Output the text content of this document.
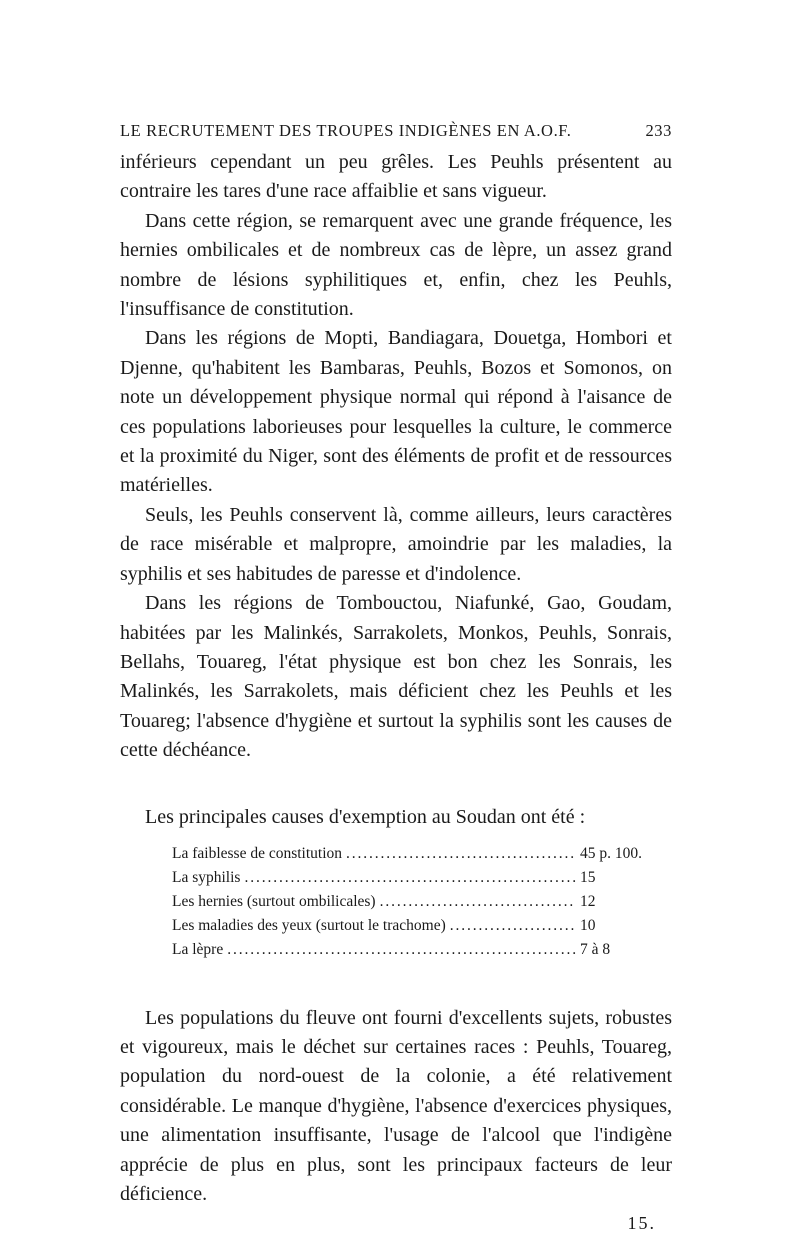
LE RECRUTEMENT DES TROUPES INDIGÈNES EN A.O.F.	233

inférieurs cependant un peu grêles. Les Peuhls présentent au contraire les tares d'une race affaiblie et sans vigueur.

Dans cette région, se remarquent avec une grande fréquence, les hernies ombilicales et de nombreux cas de lèpre, un assez grand nombre de lésions syphilitiques et, enfin, chez les Peuhls, l'insuffisance de constitution.

Dans les régions de Mopti, Bandiagara, Douetga, Hombori et Djenne, qu'habitent les Bambaras, Peuhls, Bozos et Somonos, on note un développement physique normal qui répond à l'aisance de ces populations laborieuses pour lesquelles la culture, le commerce et la proximité du Niger, sont des éléments de profit et de ressources matérielles.

Seuls, les Peuhls conservent là, comme ailleurs, leurs caractères de race misérable et malpropre, amoindrie par les maladies, la syphilis et ses habitudes de paresse et d'indolence.

Dans les régions de Tombouctou, Niafunké, Gao, Goudam, habitées par les Malinkés, Sarrakolets, Monkos, Peuhls, Sonrais, Bellahs, Touareg, l'état physique est bon chez les Sonrais, les Malinkés, les Sarrakolets, mais déficient chez les Peuhls et les Touareg; l'absence d'hygiène et surtout la syphilis sont les causes de cette déchéance.

Les principales causes d'exemption au Soudan ont été :
La faiblesse de constitution . . .	45 p. 100.
La syphilis . . .	15
Les hernies (surtout ombilicales) . . .	12
Les maladies des yeux (surtout le trachome) . . .	10
La lèpre . . .	7 à 8

Les populations du fleuve ont fourni d'excellents sujets, robustes et vigoureux, mais le déchet sur certaines races : Peuhls, Touareg, population du nord-ouest de la colonie, a été relativement considérable. Le manque d'hygiène, l'absence d'exercices physiques, une alimentation insuffisante, l'usage de l'alcool que l'indigène apprécie de plus en plus, sont les principaux facteurs de leur déficience.

15.
